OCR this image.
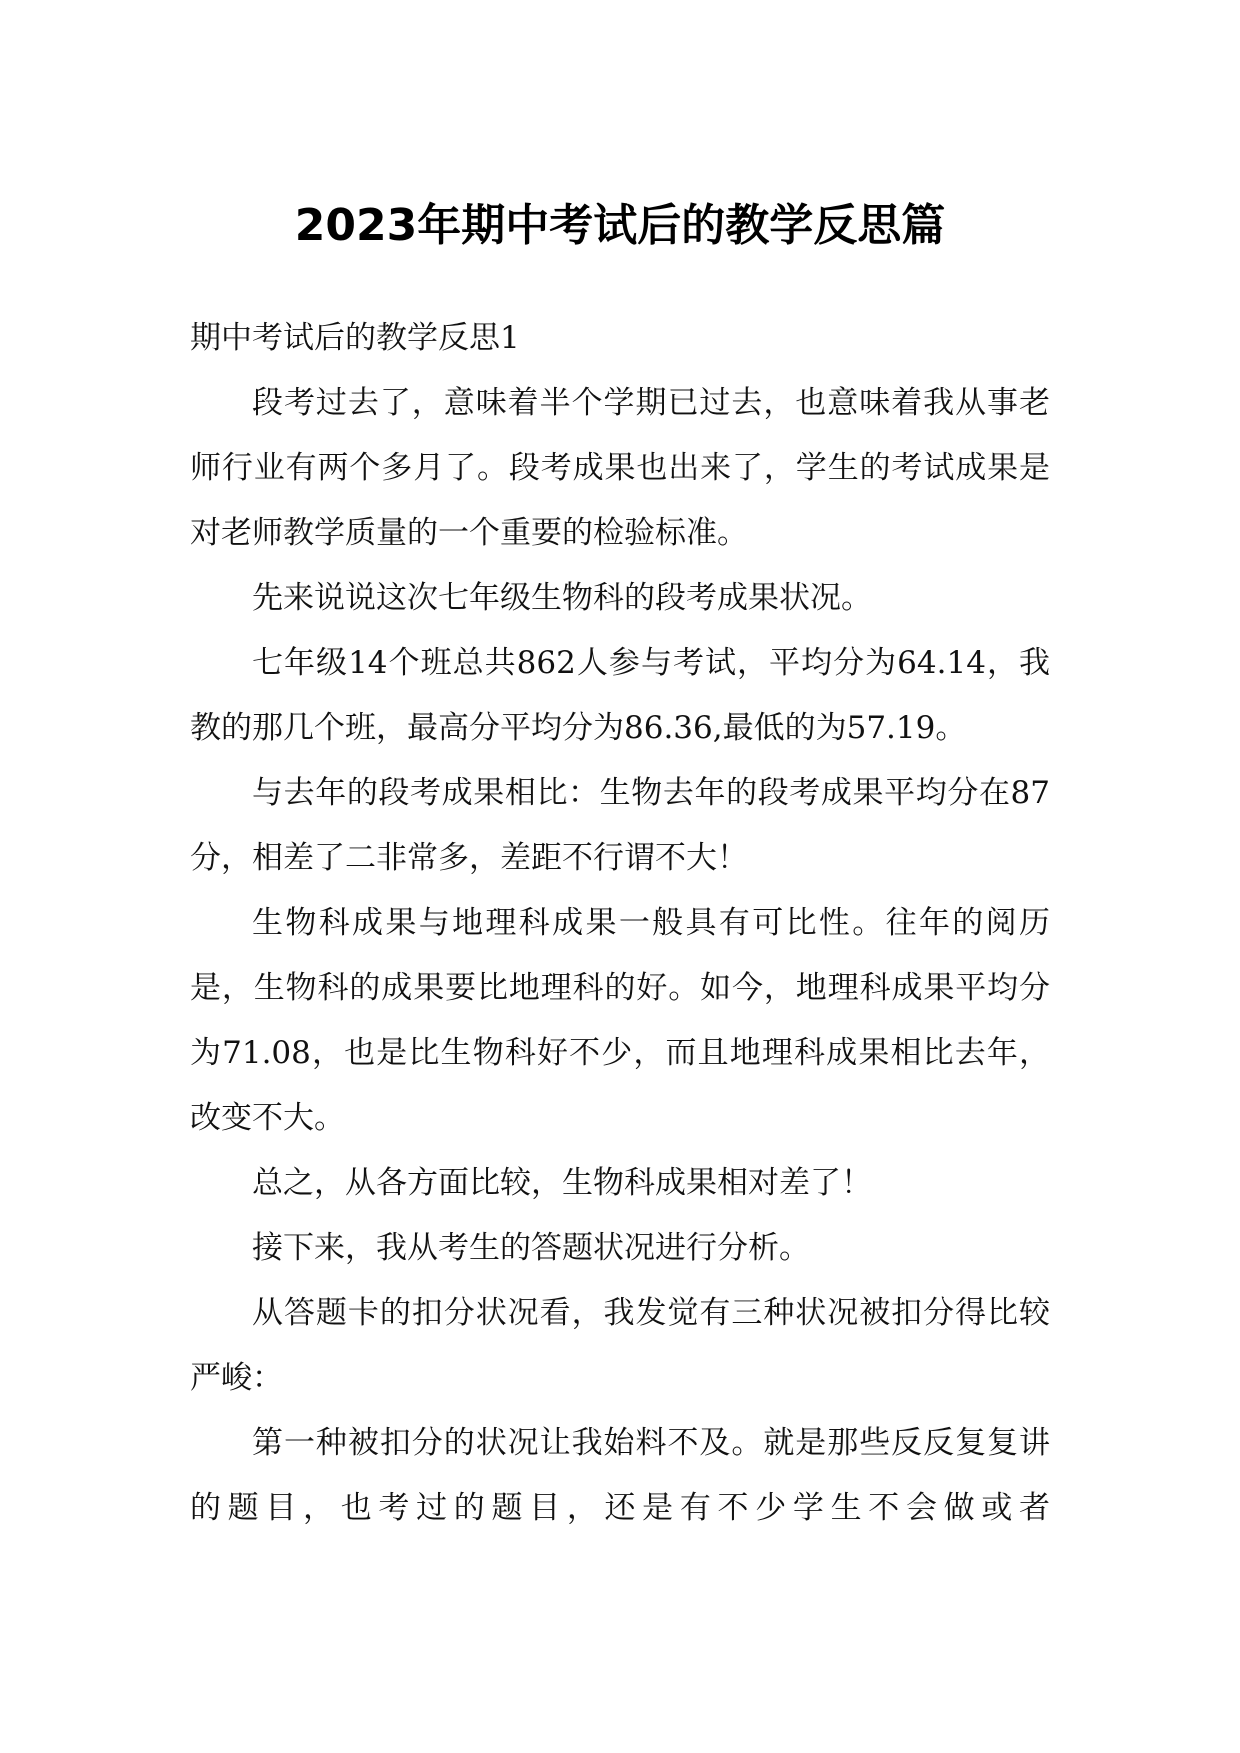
2023年期中考试后的教学反思篇

期中考试后的教学反思1

段考过去了，意味着半个学期已过去，也意味着我从事老师行业有两个多月了。段考成果也出来了，学生的考试成果是对老师教学质量的一个重要的检验标准。

先来说说这次七年级生物科的段考成果状况。

七年级14个班总共862人参与考试，平均分为64.14，我教的那几个班，最高分平均分为86.36,最低的为57.19。

与去年的段考成果相比：生物去年的段考成果平均分在87分，相差了二非常多，差距不行谓不大！

生物科成果与地理科成果一般具有可比性。往年的阅历是，生物科的成果要比地理科的好。如今，地理科成果平均分为71.08，也是比生物科好不少，而且地理科成果相比去年，改变不大。

总之，从各方面比较，生物科成果相对差了！

接下来，我从考生的答题状况进行分析。

从答题卡的扣分状况看，我发觉有三种状况被扣分得比较严峻：

第一种被扣分的状况让我始料不及。就是那些反反复复讲的题目，也考过的题目，还是有不少学生不会做或者
